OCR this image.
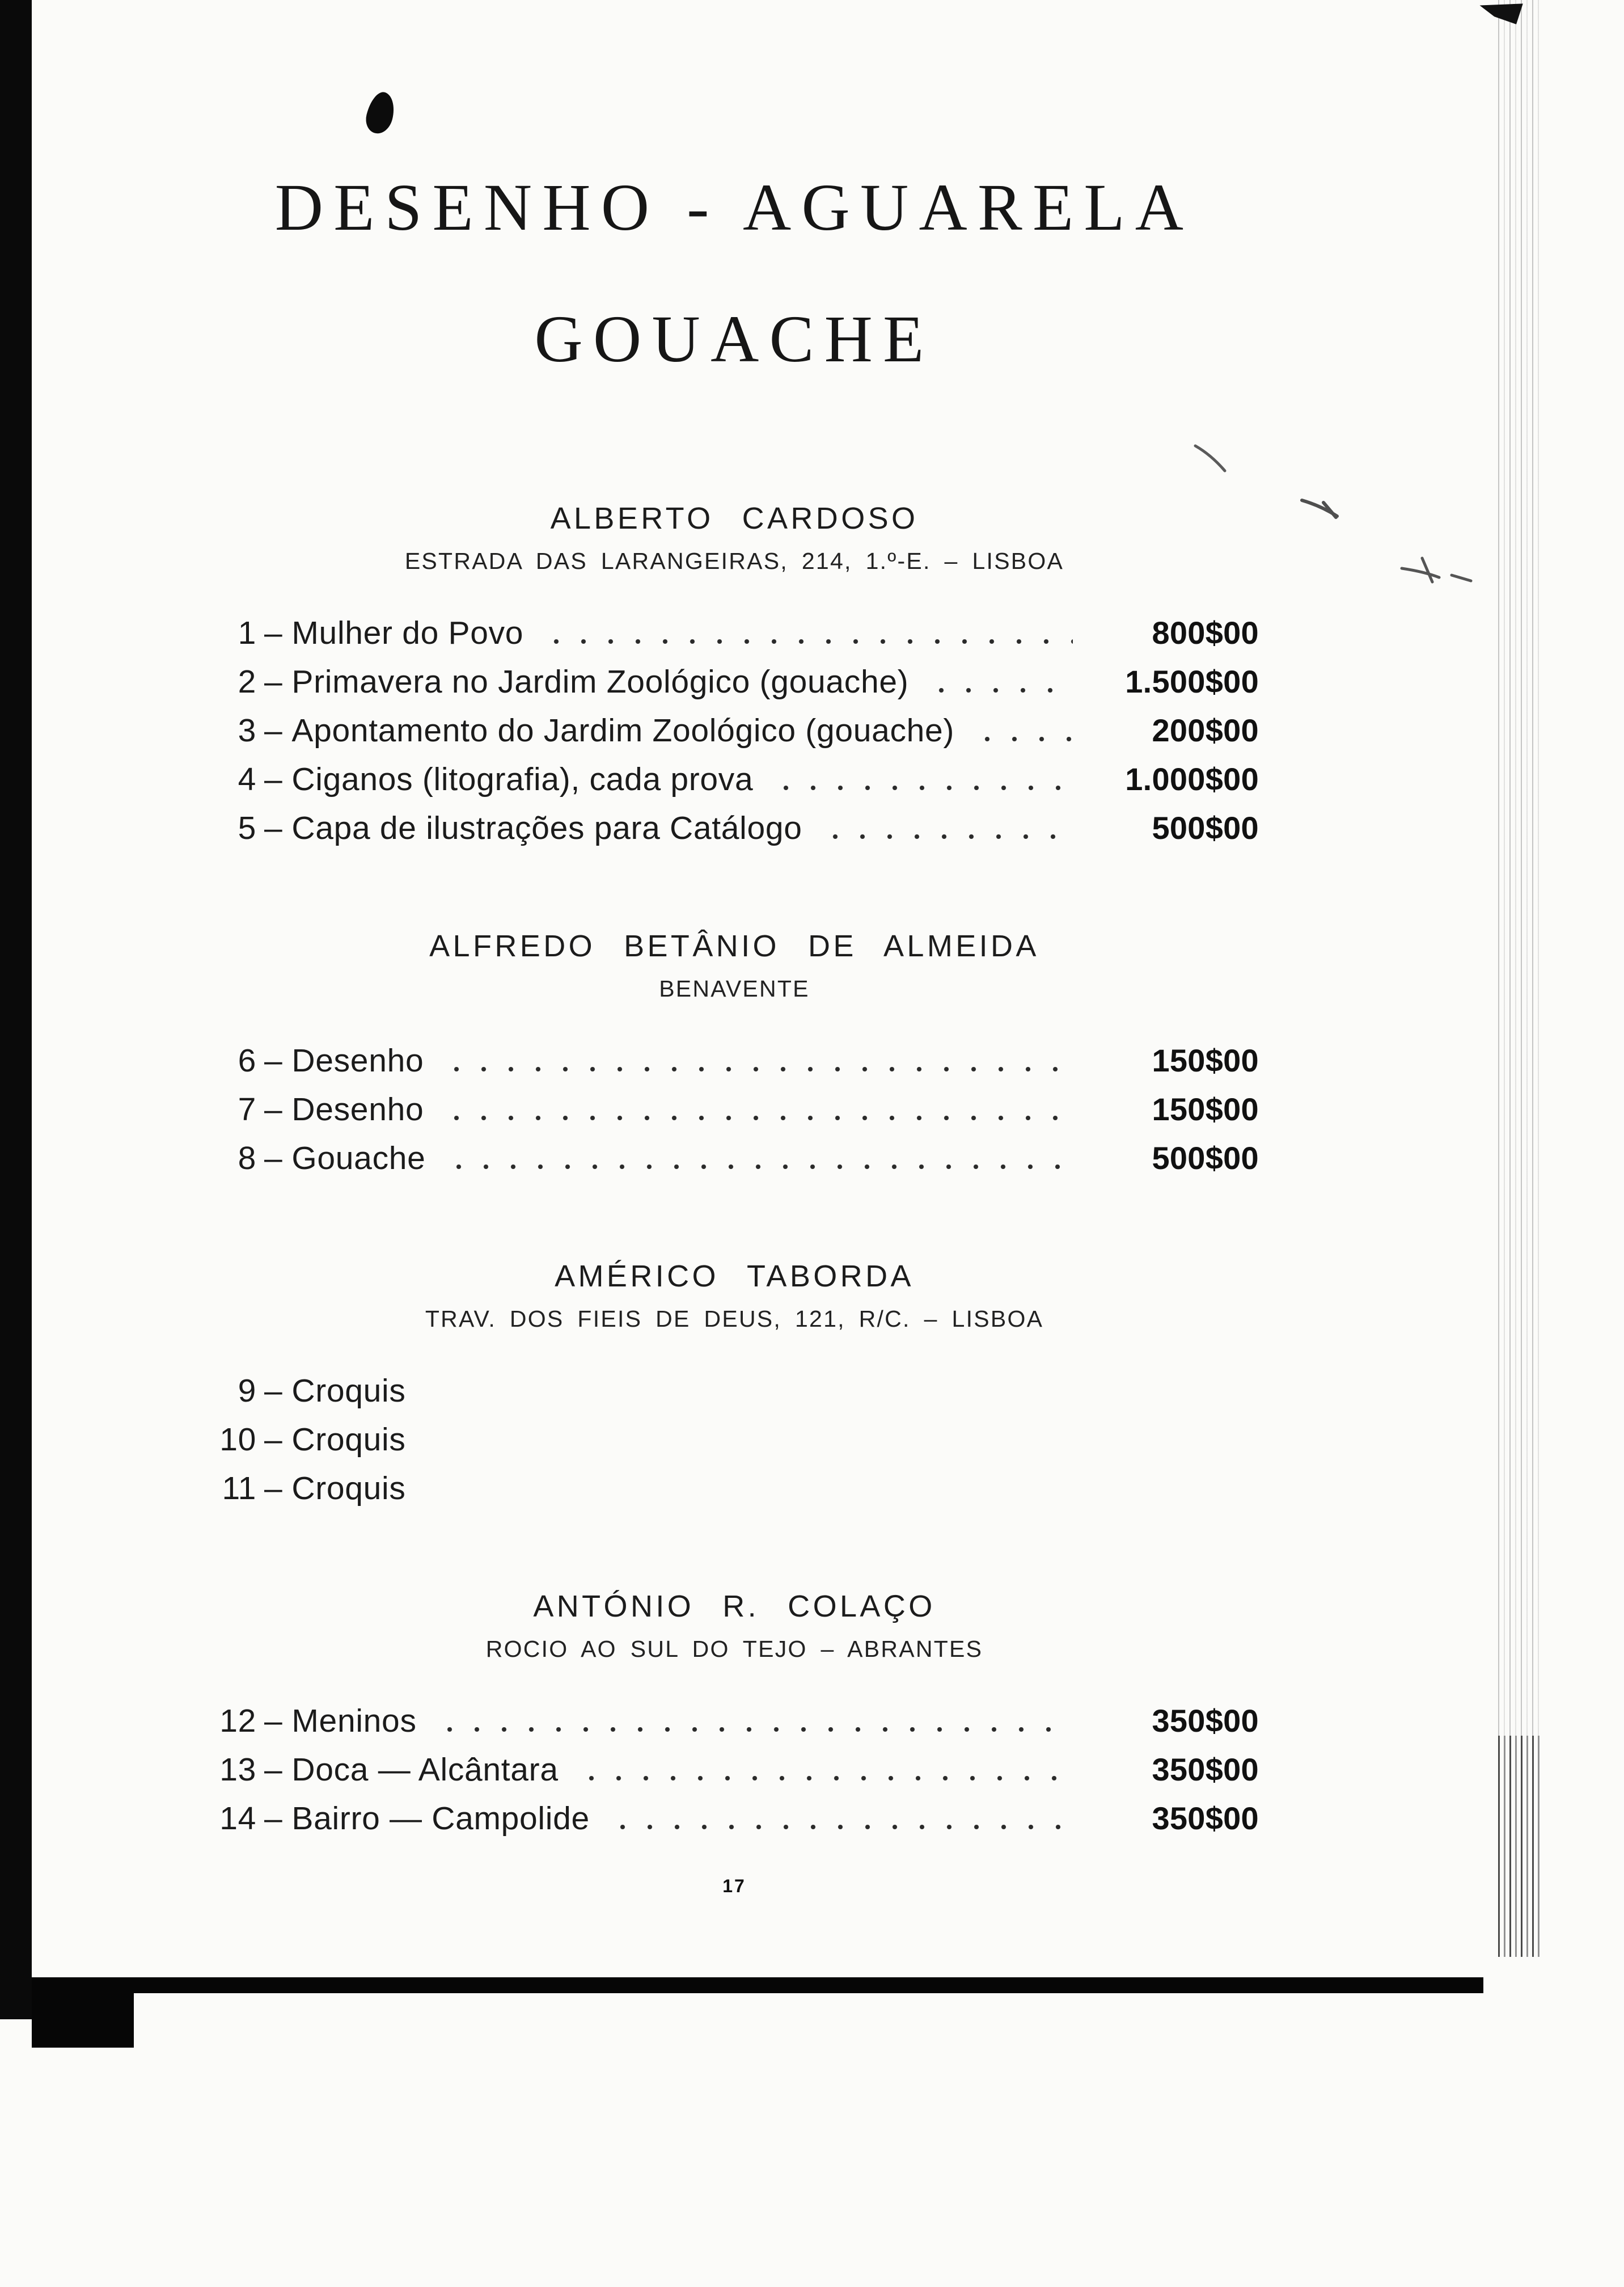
DESENHO - AGUARELA
GOUACHE
ALBERTO CARDOSO
ESTRADA DAS LARANGEIRAS, 214, 1.º-E. – LISBOA
1 – Mulher do Povo	800$00
2 – Primavera no Jardim Zoológico (gouache)	1.500$00
3 – Apontamento do Jardim Zoológico (gouache)	200$00
4 – Ciganos (litografia), cada prova	1.000$00
5 – Capa de ilustrações para Catálogo	500$00
ALFREDO BETÂNIO DE ALMEIDA
BENAVENTE
6 – Desenho	150$00
7 – Desenho	150$00
8 – Gouache	500$00
AMÉRICO TABORDA
TRAV. DOS FIEIS DE DEUS, 121, R/C. – LISBOA
9 – Croquis
10 – Croquis
11 – Croquis
ANTÓNIO R. COLAÇO
ROCIO AO SUL DO TEJO – ABRANTES
12 – Meninos	350$00
13 – Doca — Alcântara	350$00
14 – Bairro — Campolide	350$00
17
